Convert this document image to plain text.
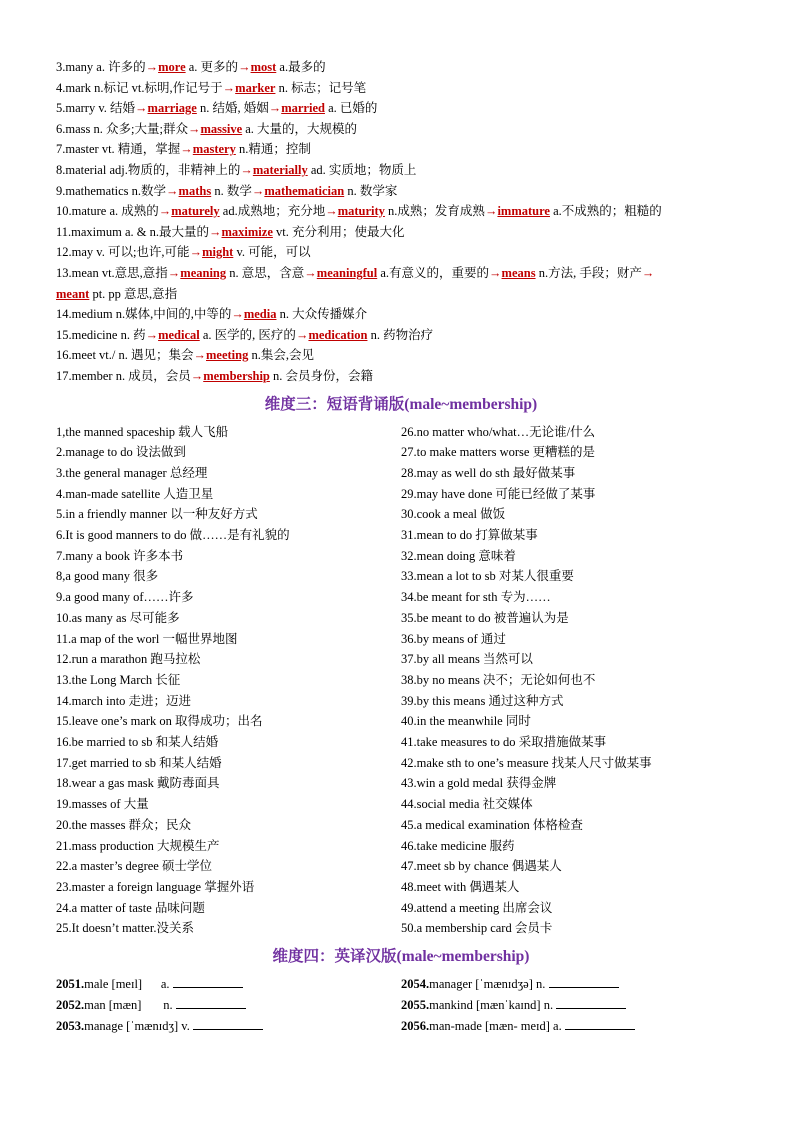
3.many a. 许多的→more a. 更多的→most a.最多的
4.mark n.标记 vt.标明,作记号于→marker n. 标志；记号笔
5.marry v. 结婚→marriage n. 结婚, 婚姻→married a. 已婚的
6.mass n. 众多;大量;群众→massive a. 大量的，大规模的
7.master vt. 精通，掌握→mastery n.精通；控制
8.material adj.物质的，非精神上的→materially ad. 实质地；物质上
9.mathematics n.数学→maths n. 数学→mathematician n. 数学家
10.mature a. 成熟的→maturely ad.成熟地；充分地→maturity n.成熟；发育成熟→immature a.不成熟的；粗糙的
11.maximum a. & n.最大量的→maximize vt. 充分利用；使最大化
12.may v. 可以;也许,可能→might v. 可能，可以
13.mean vt.意思,意指→meaning n. 意思，含意→meaningful a.有意义的，重要的→means n.方法, 手段；财产→
meant pt. pp 意思,意指
14.medium n.媒体,中间的,中等的→media n. 大众传播媒介
15.medicine n. 药→medical a. 医学的, 医疗的→medication n. 药物治疗
16.meet vt./ n. 遇见；集会→meeting n.集会,会见
17.member n. 成员，会员→membership n. 会员身份，会籍
维度三：短语背诵版(male~membership)
1,the manned spaceship 载人飞船
2.manage to do 设法做到
3.the general manager 总经理
4.man-made satellite 人造卫星
5.in a friendly manner 以一种友好方式
6.It is good manners to do 做……是有礼貌的
7.many a book 许多本书
8,a good many 很多
9.a good many of……许多
10.as many as 尽可能多
11.a map of the worl 一幅世界地图
12.run a marathon 跑马拉松
13.the Long March 长征
14.march into 走进；迈进
15.leave one’s mark on 取得成功；出名
16.be married to sb 和某人结婚
17.get married to sb 和某人结婚
18.wear a gas mask 戴防毒面具
19.masses of 大量
20.the masses 群众；民众
21.mass production 大规模生产
22.a master’s degree 硕士学位
23.master a foreign language 掌握外语
24.a matter of taste 品味问题
25.It doesn’t matter.没关系
26.no matter who/what…无论谁/什么
27.to make matters worse 更糟糕的是
28.may as well do sth 最好做某事
29.may have done 可能已经做了某事
30.cook a meal 做饭
31.mean to do 打算做某事
32.mean doing 意味着
33.mean a lot to sb 对某人很重要
34.be meant for sth 专为……
35.be meant to do 被普遍认为是
36.by means of 通过
37.by all means 当然可以
38.by no means 决不；无论如何也不
39.by this means 通过这种方式
40.in the meanwhile 同时
41.take measures to do 采取措施做某事
42.make sth to one’s measure 找某人尺寸做某事
43.win a gold medal 获得金牌
44.social media 社交媒体
45.a medical examination 体格检查
46.take medicine 服药
47.meet sb by chance 偶遇某人
48.meet with 偶遇某人
49.attend a meeting 出席会议
50.a membership card 会员卡
维度四：英译汉版(male~membership)
2051.male [meɪl]      a.
2052.man [mæn]       n.
2053.manage [ˈmænɪdʒ] v.
2054.manager [ˈmænɪdʒə] n.
2055.mankind [mænˈkaɪnd] n.
2056.man-made [mæn- meɪd] a.
